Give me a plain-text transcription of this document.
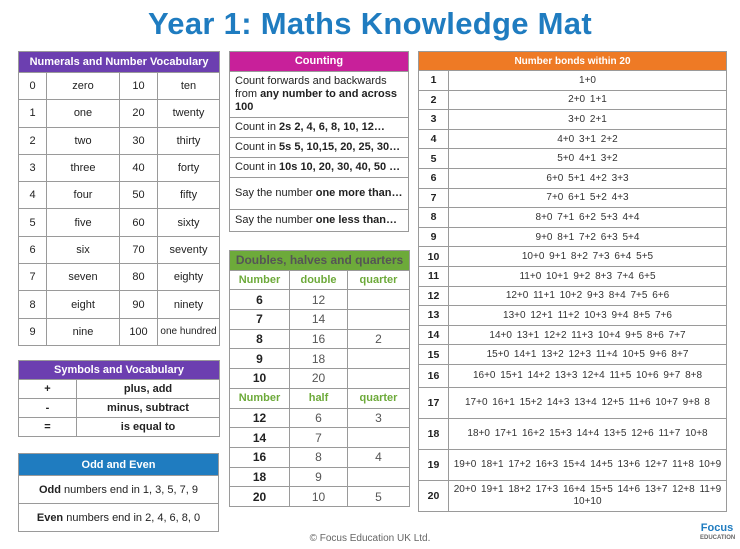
Year 1: Maths Knowledge Mat
Numerals and Number Vocabulary			
0	zero	10	ten
1	one	20	twenty
2	two	30	thirty
3	three	40	forty
4	four	50	fifty
5	five	60	sixty
6	six	70	seventy
7	seven	80	eighty
8	eight	90	ninety
9	nine	100	one hundred
Symbols and Vocabulary	
+	plus, add
-	minus, subtract
=	is equal to
Odd and Even
Odd numbers end in 1, 3, 5, 7, 9
Even numbers end in 2, 4, 6, 8, 0
Counting
Count forwards and backwards from any number to and across 100
Count in 2s 2, 4, 6, 8, 10, 12…
Count in 5s 5, 10,15, 20, 25, 30…
Count in 10s 10, 20, 30, 40, 50 …
Say the number one more than…
Say the number one less than…
Doubles, halves and quarters		
Number	double	quarter
6	12	
7	14	
8	16	2
9	18	
10	20	
Number	half	quarter
12	6	3
14	7	
16	8	4
18	9	
20	10	5
Number bonds within 20	
1	1+0
2	2+0 1+1
3	3+0 2+1
4	4+0 3+1 2+2
5	5+0 4+1 3+2
6	6+0 5+1 4+2 3+3
7	7+0 6+1 5+2 4+3
8	8+0 7+1 6+2 5+3 4+4
9	9+0 8+1 7+2 6+3 5+4
10	10+0 9+1 8+2 7+3 6+4 5+5
11	11+0 10+1 9+2 8+3 7+4 6+5
12	12+0 11+1 10+2 9+3 8+4 7+5 6+6
13	13+0 12+1 11+2 10+3 9+4 8+5 7+6
14	14+0 13+1 12+2 11+3 10+4 9+5 8+6 7+7
15	15+0 14+1 13+2 12+3 11+4 10+5 9+6 8+7
16	16+0 15+1 14+2 13+3 12+4 11+5 10+6 9+7 8+8
17	17+0 16+1 15+2 14+3 13+4 12+5 11+6 10+7 9+8 8
18	18+0 17+1 16+2 15+3 14+4 13+5 12+6 11+7 10+8
19	19+0 18+1 17+2 16+3 15+4 14+5 13+6 12+7 11+8 10+9
20	20+0 19+1 18+2 17+3 16+4 15+5 14+6 13+7 12+8 11+9 10+10
© Focus Education UK Ltd.
Focus
EDUCATION
